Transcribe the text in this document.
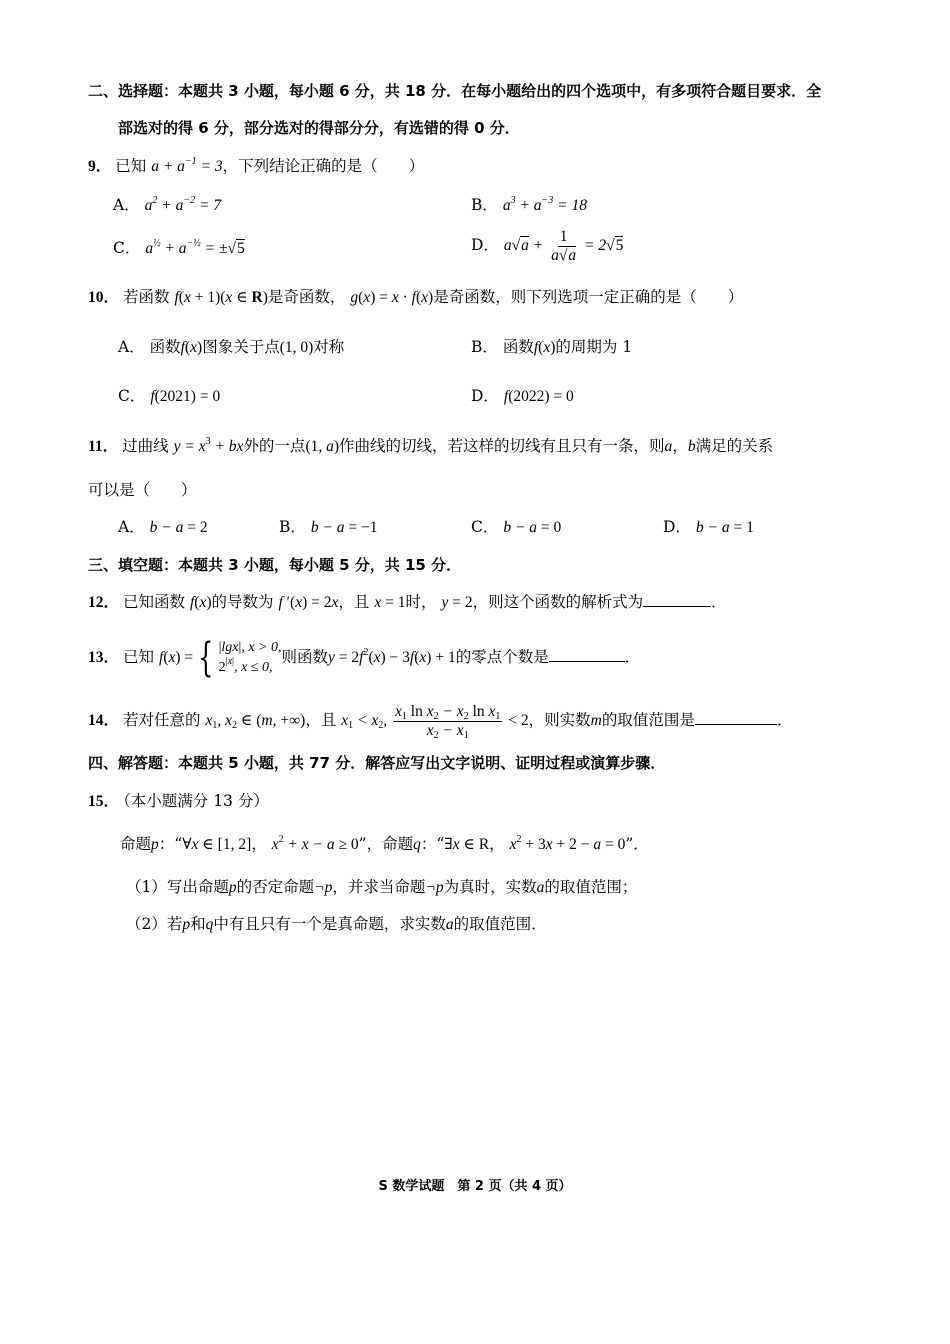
二、选择题：本题共 3 小题，每小题 6 分，共 18 分．在每小题给出的四个选项中，有多项符合题目要求．全
部选对的得 6 分，部分选对的得部分分，有选错的得 0 分．
9． 已知 $a + a^{-1} = 3$，下列结论正确的是（　　）
A． $a^2 + a^{-2} = 7$	B． $a^3 + a^{-3} = 18$
C． $a^{\frac{1}{2}} + a^{-\frac{1}{2}} = \pm√5$	D． $a√a + \frac{1}{a√a} = 2√5$
10． 若函数 f(x + 1)(x ∈ R)是奇函数， g(x) = x · f(x)是奇函数，则下列选项一定正确的是（　　）
A． 函数f(x)图象关于点(1, 0)对称	B． 函数f(x)的周期为 1
C． f(2021) = 0	D． f(2022) = 0
11． 过曲线 $y = x^3$ + bx外的一点(1, a)作曲线的切线，若这样的切线有且只有一条，则a，b满足的关系
可以是（　　）
A． b − a = 2	B． b − a = −1	C． b − a = 0	D． b − a = 1
三、填空题：本题共 3 小题，每小题 5 分，共 15 分．
12． 已知函数 f(x)的导数为 f ′(x) = 2x，且 x = 1时， y = 2，则这个函数的解析式为	．
13． 已知 f(x) = { |lgx|, x > 0,
$2^{|x|}$, x ≤ 0,
则函数$y = 2f^2(x) - 3f(x) + 1$的零点个数是	．
14． 若对任意的 $x_1$, $x_2$ ∈ (m, +∞)，且 $x_1 < x_2$, $\frac{x_1 \ln x_2 - x_2 \ln x_1}{x_2 - x_1} < 2$，则实数m的取值范围是	．
四、解答题：本题共 5 小题，共 77 分．解答应写出文字说明、证明过程或演算步骤．
15． （本小题满分 13 分）
命题p：“∀x ∈ [1, 2]， $x^2 + x - a \ge 0$”，命题q：“∃x ∈ R， $x^2 + 3x + 2 - a = 0$”．
（1）写出命题p的否定命题¬p，并求当命题¬p为真时，实数a的取值范围；
（2）若p和q中有且只有一个是真命题，求实数a的取值范围．
S 数学试题　第 2 页（共 4 页）
